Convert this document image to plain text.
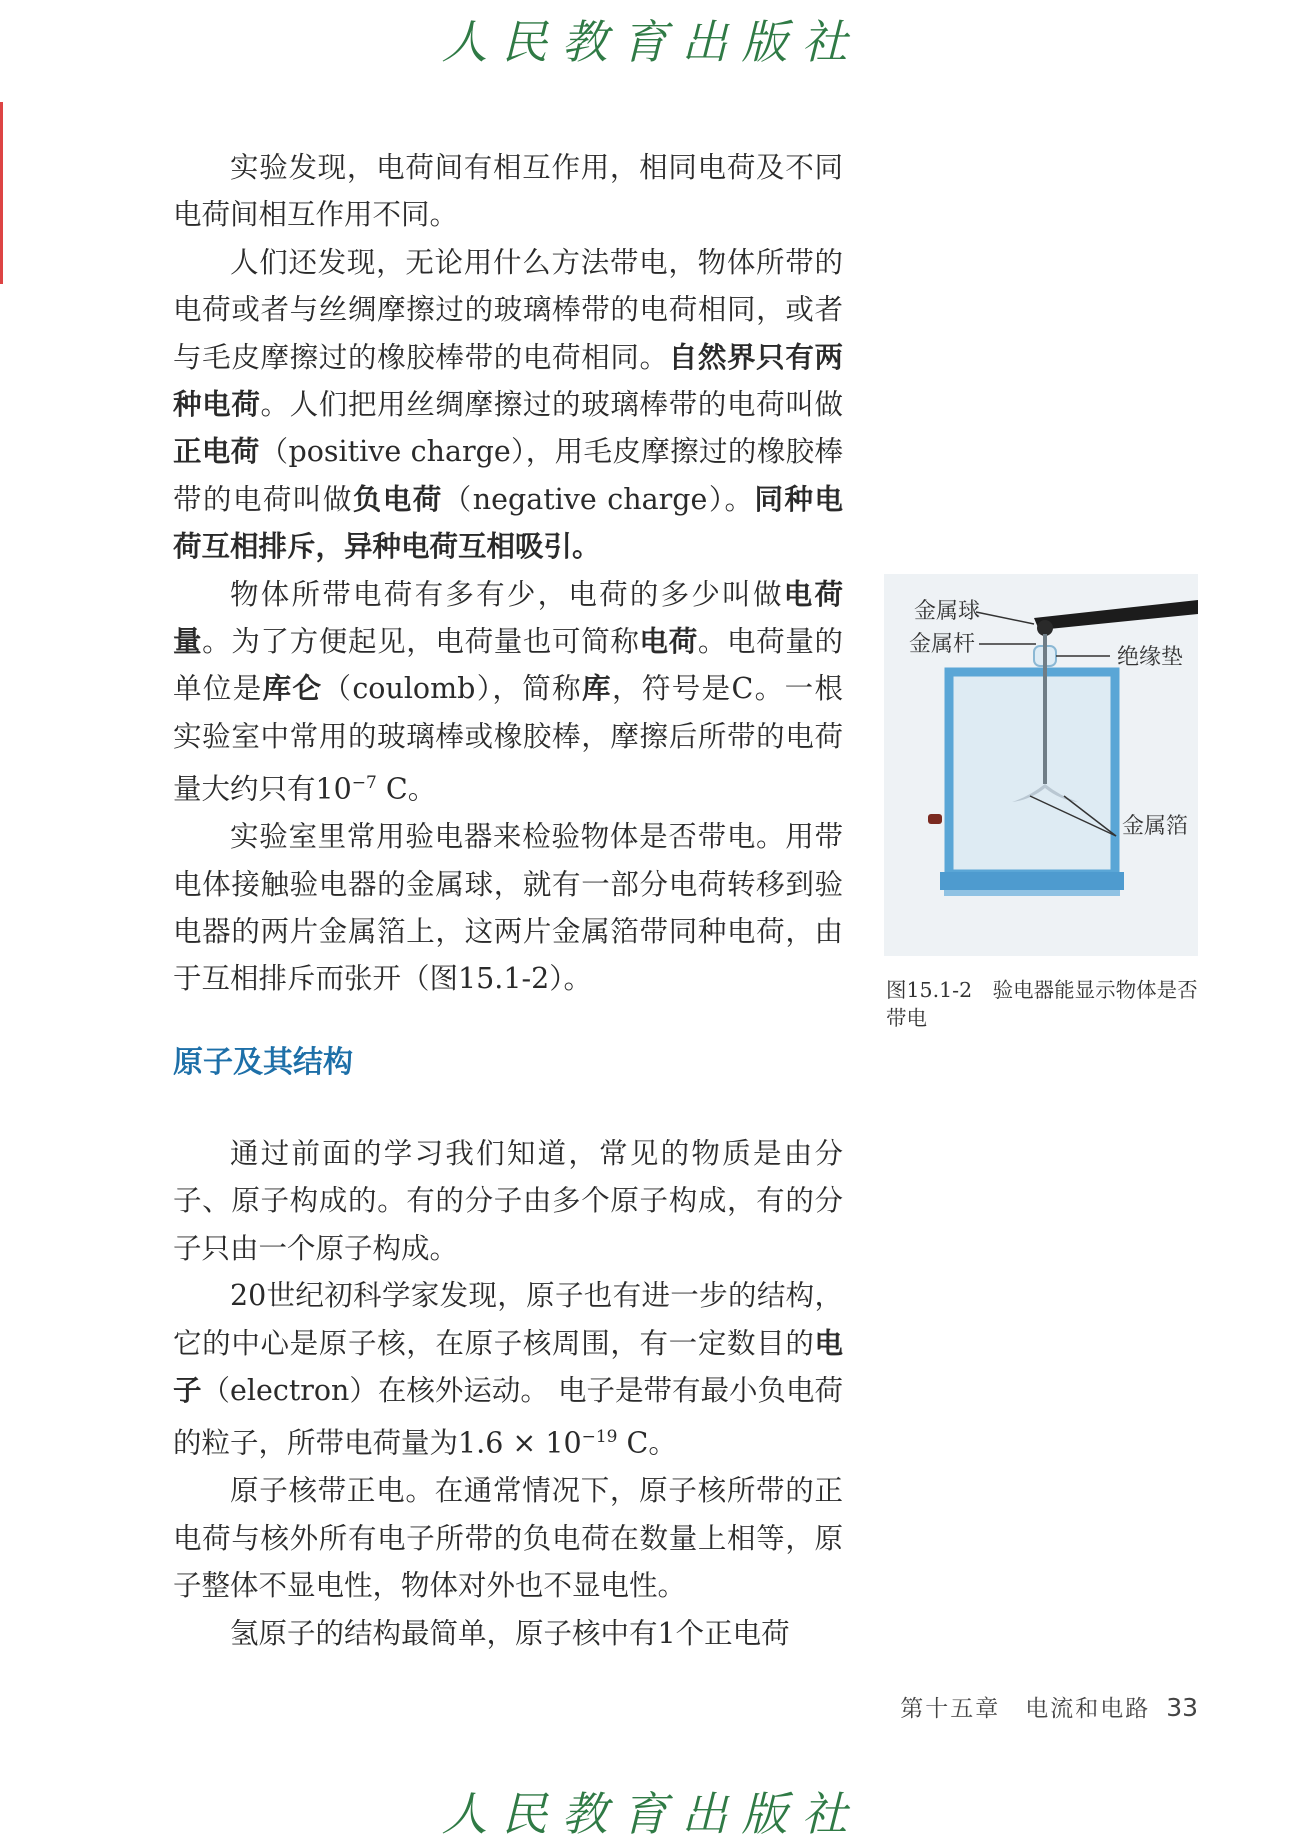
人民教育出版社

实验发现，电荷间有相互作用，相同电荷及不同电荷间相互作用不同。

人们还发现，无论用什么方法带电，物体所带的电荷或者与丝绸摩擦过的玻璃棒带的电荷相同，或者与毛皮摩擦过的橡胶棒带的电荷相同。自然界只有两种电荷。人们把用丝绸摩擦过的玻璃棒带的电荷叫做正电荷（positive charge），用毛皮摩擦过的橡胶棒带的电荷叫做负电荷（negative charge）。同种电荷互相排斥，异种电荷互相吸引。

物体所带电荷有多有少，电荷的多少叫做电荷量。为了方便起见，电荷量也可简称电荷。电荷量的单位是库仑（coulomb），简称库，符号是C。一根实验室中常用的玻璃棒或橡胶棒，摩擦后所带的电荷量大约只有$10^{-7}$ C。

实验室里常用验电器来检验物体是否带电。用带电体接触验电器的金属球，就有一部分电荷转移到验电器的两片金属箔上，这两片金属箔带同种电荷，由于互相排斥而张开（图15.1-2）。

金属球
金属杆
绝缘垫
金属箔
图15.1-2　验电器能显示物体是否带电
原子及其结构

通过前面的学习我们知道，常见的物质是由分子、原子构成的。有的分子由多个原子构成，有的分子只由一个原子构成。

20世纪初科学家发现，原子也有进一步的结构，它的中心是原子核，在原子核周围，有一定数目的电子（electron）在核外运动。 电子是带有最小负电荷的粒子，所带电荷量为$1.6 \times 10^{-19}$ C。

原子核带正电。在通常情况下，原子核所带的正电荷与核外所有电子所带的负电荷在数量上相等，原子整体不显电性，物体对外也不显电性。

氢原子的结构最简单，原子核中有1个正电荷

第十五章　电流和电路 33
人民教育出版社
